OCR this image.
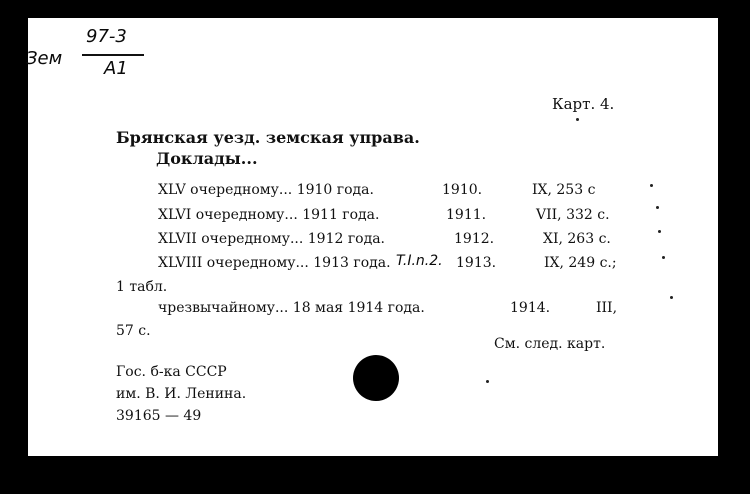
Зем
97-3
A1
Карт. 4.
Брянская уезд. земская управа.
Доклады...
XLV очередному... 1910 года.	1910.	IX, 253 с
XLVI очередному... 1911 года.	1911.	VII, 332 с.
XLVII очередному... 1912 года.	1912.	XI, 263 с.
XLVIII очередному... 1913 года. T.I.n.2. 1913.	IX, 249 с.;
1 табл.
чрезвычайному... 18 мая 1914 года.	1914.	III,
57 с.
См. след. карт.
Гос. б-ка СССР
им. В. И. Ленина.
39165 — 49
